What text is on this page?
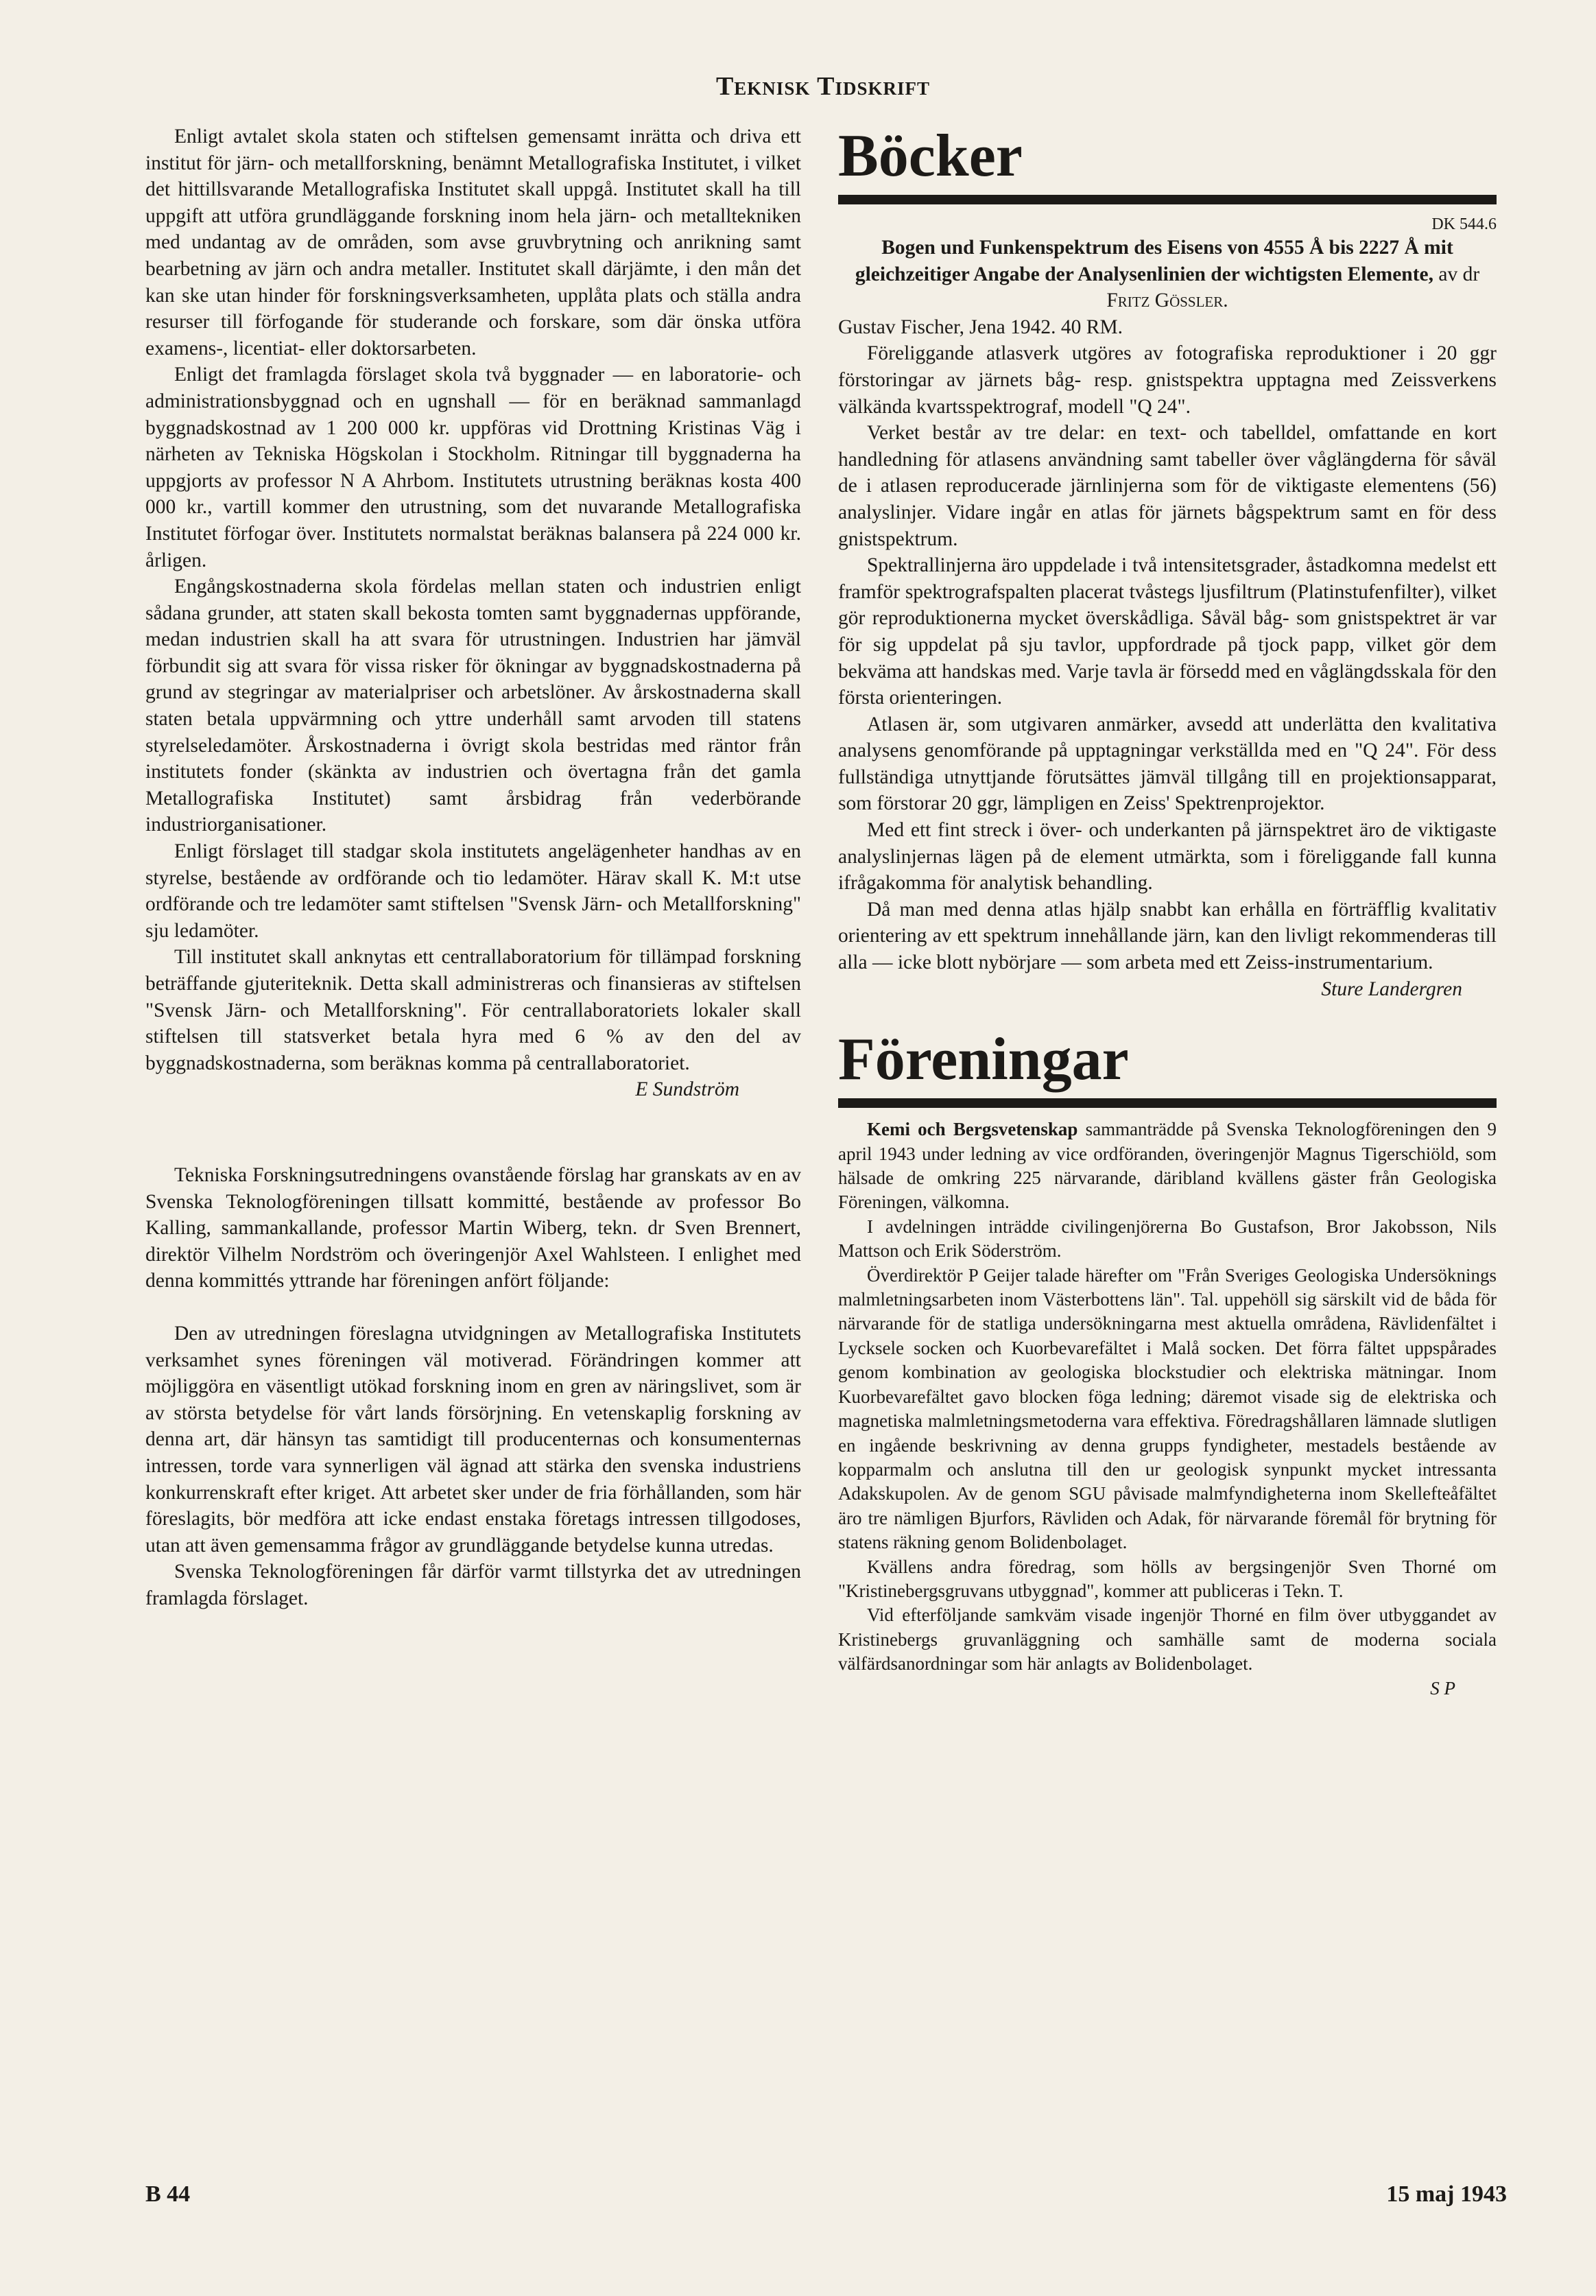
Teknisk Tidskrift

Enligt avtalet skola staten och stiftelsen gemensamt inrätta och driva ett institut för järn- och metallforskning, benämnt Metallografiska Institutet, i vilket det hittillsvarande Metallografiska Institutet skall uppgå. Institutet skall ha till uppgift att utföra grundläggande forskning inom hela järn- och metalltekniken med undantag av de områden, som avse gruvbrytning och anrikning samt bearbetning av järn och andra metaller. Institutet skall därjämte, i den mån det kan ske utan hinder för forskningsverksamheten, upplåta plats och ställa andra resurser till förfogande för studerande och forskare, som där önska utföra examens-, licentiat- eller doktorsarbeten.

Enligt det framlagda förslaget skola två byggnader — en laboratorie- och administrationsbyggnad och en ugnshall — för en beräknad sammanlagd byggnadskostnad av 1 200 000 kr. uppföras vid Drottning Kristinas Väg i närheten av Tekniska Högskolan i Stockholm. Ritningar till byggnaderna ha uppgjorts av professor N A Ahrbom. Institutets utrustning beräknas kosta 400 000 kr., vartill kommer den utrustning, som det nuvarande Metallografiska Institutet förfogar över. Institutets normalstat beräknas balansera på 224 000 kr. årligen.

Engångskostnaderna skola fördelas mellan staten och industrien enligt sådana grunder, att staten skall bekosta tomten samt byggnadernas uppförande, medan industrien skall ha att svara för utrustningen. Industrien har jämväl förbundit sig att svara för vissa risker för ökningar av byggnadskostnaderna på grund av stegringar av materialpriser och arbetslöner. Av årskostnaderna skall staten betala uppvärmning och yttre underhåll samt arvoden till statens styrelseledamöter. Årskostnaderna i övrigt skola bestridas med räntor från institutets fonder (skänkta av industrien och övertagna från det gamla Metallografiska Institutet) samt årsbidrag från vederbörande industriorganisationer.

Enligt förslaget till stadgar skola institutets angelägenheter handhas av en styrelse, bestående av ordförande och tio ledamöter. Härav skall K. M:t utse ordförande och tre ledamöter samt stiftelsen "Svensk Järn- och Metallforskning" sju ledamöter.

Till institutet skall anknytas ett centrallaboratorium för tillämpad forskning beträffande gjuteriteknik. Detta skall administreras och finansieras av stiftelsen "Svensk Järn- och Metallforskning". För centrallaboratoriets lokaler skall stiftelsen till statsverket betala hyra med 6 % av den del av byggnadskostnaderna, som beräknas komma på centrallaboratoriet.

E Sundström

Tekniska Forskningsutredningens ovanstående förslag har granskats av en av Svenska Teknologföreningen tillsatt kommitté, bestående av professor Bo Kalling, sammankallande, professor Martin Wiberg, tekn. dr Sven Brennert, direktör Vilhelm Nordström och överingenjör Axel Wahlsteen. I enlighet med denna kommittés yttrande har föreningen anfört följande:

Den av utredningen föreslagna utvidgningen av Metallografiska Institutets verksamhet synes föreningen väl motiverad. Förändringen kommer att möjliggöra en väsentligt utökad forskning inom en gren av näringslivet, som är av största betydelse för vårt lands försörjning. En vetenskaplig forskning av denna art, där hänsyn tas samtidigt till producenternas och konsumenternas intressen, torde vara synnerligen väl ägnad att stärka den svenska industriens konkurrenskraft efter kriget. Att arbetet sker under de fria förhållanden, som här föreslagits, bör medföra att icke endast enstaka företags intressen tillgodoses, utan att även gemensamma frågor av grundläggande betydelse kunna utredas.

Svenska Teknologföreningen får därför varmt tillstyrka det av utredningen framlagda förslaget.

Böcker
DK 544.6

Bogen und Funkenspektrum des Eisens von 4555 Å bis 2227 Å mit gleichzeitiger Angabe der Analysenlinien der wichtigsten Elemente, av dr Fritz Gössler.

Gustav Fischer, Jena 1942. 40 RM.

Föreliggande atlasverk utgöres av fotografiska reproduktioner i 20 ggr förstoringar av järnets båg- resp. gnistspektra upptagna med Zeissverkens välkända kvartsspektrograf, modell "Q 24".

Verket består av tre delar: en text- och tabelldel, omfattande en kort handledning för atlasens användning samt tabeller över våglängderna för såväl de i atlasen reproducerade järnlinjerna som för de viktigaste elementens (56) analyslinjer. Vidare ingår en atlas för järnets bågspektrum samt en för dess gnistspektrum.

Spektrallinjerna äro uppdelade i två intensitetsgrader, åstadkomna medelst ett framför spektrografspalten placerat tvåstegs ljusfiltrum (Platinstufenfilter), vilket gör reproduktionerna mycket överskådliga. Såväl båg- som gnistspektret är var för sig uppdelat på sju tavlor, uppfordrade på tjock papp, vilket gör dem bekväma att handskas med. Varje tavla är försedd med en våglängdsskala för den första orienteringen.

Atlasen är, som utgivaren anmärker, avsedd att underlätta den kvalitativa analysens genomförande på upptagningar verkställda med en "Q 24". För dess fullständiga utnyttjande förutsättes jämväl tillgång till en projektionsapparat, som förstorar 20 ggr, lämpligen en Zeiss' Spektrenprojektor.

Med ett fint streck i över- och underkanten på järnspektret äro de viktigaste analyslinjernas lägen på de element utmärkta, som i föreliggande fall kunna ifrågakomma för analytisk behandling.

Då man med denna atlas hjälp snabbt kan erhålla en förträfflig kvalitativ orientering av ett spektrum innehållande järn, kan den livligt rekommenderas till alla — icke blott nybörjare — som arbeta med ett Zeiss-instrumentarium.

Sture Landergren

Föreningar

Kemi och Bergsvetenskap sammanträdde på Svenska Teknologföreningen den 9 april 1943 under ledning av vice ordföranden, överingenjör Magnus Tigerschiöld, som hälsade de omkring 225 närvarande, däribland kvällens gäster från Geologiska Föreningen, välkomna.

I avdelningen inträdde civilingenjörerna Bo Gustafson, Bror Jakobsson, Nils Mattson och Erik Söderström.

Överdirektör P Geijer talade härefter om "Från Sveriges Geologiska Undersöknings malmletningsarbeten inom Västerbottens län". Tal. uppehöll sig särskilt vid de båda för närvarande för de statliga undersökningarna mest aktuella områdena, Rävlidenfältet i Lycksele socken och Kuorbevarefältet i Malå socken. Det förra fältet uppspårades genom kombination av geologiska blockstudier och elektriska mätningar. Inom Kuorbevarefältet gavo blocken föga ledning; däremot visade sig de elektriska och magnetiska malmletningsmetoderna vara effektiva. Föredragshållaren lämnade slutligen en ingående beskrivning av denna grupps fyndigheter, mestadels bestående av kopparmalm och anslutna till den ur geologisk synpunkt mycket intressanta Adakskupolen. Av de genom SGU påvisade malmfyndigheterna inom Skellefteåfältet äro tre nämligen Bjurfors, Rävliden och Adak, för närvarande föremål för brytning för statens räkning genom Bolidenbolaget.

Kvällens andra föredrag, som hölls av bergsingenjör Sven Thorné om "Kristinebergsgruvans utbyggnad", kommer att publiceras i Tekn. T.

Vid efterföljande samkväm visade ingenjör Thorné en film över utbyggandet av Kristinebergs gruvanläggning och samhälle samt de moderna sociala välfärdsanordningar som här anlagts av Bolidenbolaget.

S P

B 44	15 maj 1943
